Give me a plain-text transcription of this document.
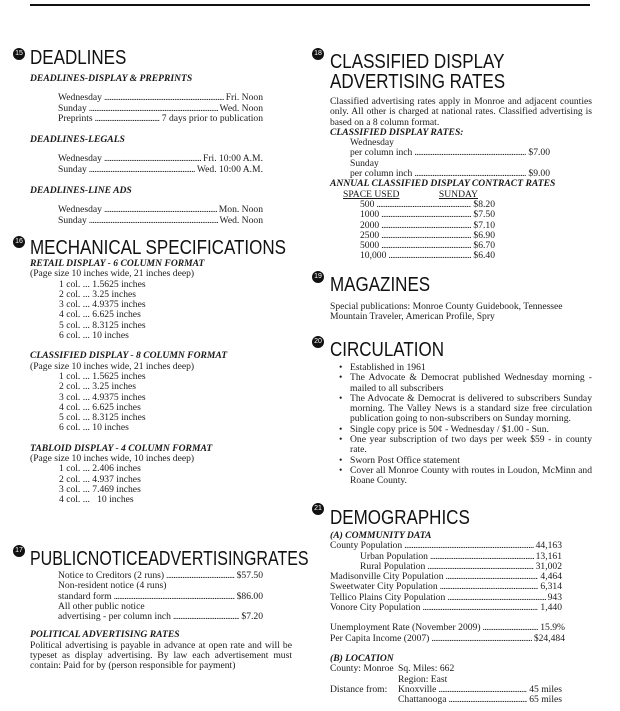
15 DEADLINES
DEADLINES-DISPLAY & PREPRINTS
Wednesday . . .	Fri. Noon
Sunday . . .	Wed. Noon
Preprints . . .	7 days prior to publication
DEADLINES-LEGALS
Wednesday . . .	Fri. 10:00 A.M.
Sunday . . .	Wed. 10:00 A.M.
DEADLINES-LINE ADS
Wednesday . . .	Mon. Noon
Sunday . . .	Wed. Noon
16 MECHANICAL SPECIFICATIONS
RETAIL DISPLAY - 6 COLUMN FORMAT
(Page size 10 inches wide, 21 inches deep)
1 col. ... 1.5625 inches
2 col. ... 3.25 inches
3 col. ... 4.9375 inches
4 col. ... 6.625 inches
5 col. ... 8.3125 inches
6 col. ... 10 inches
CLASSIFIED DISPLAY - 8 COLUMN FORMAT
(Page size 10 inches wide, 21 inches deep)
1 col. ... 1.5625 inches
2 col. ... 3.25 inches
3 col. ... 4.9375 inches
4 col. ... 6.625 inches
5 col. ... 8.3125 inches
6 col. ... 10 inches
TABLOID DISPLAY - 4 COLUMN FORMAT
(Page size 10 inches wide, 10 inches deep)
1 col. ... 2.406 inches
2 col. ... 4.937 inches
3 col. ... 7.469 inches
4 col. ...   10 inches
17 PUBLICNOTICEADVERTISINGRATES
Notice to Creditors (2 runs) . . .	$57.50
Non-resident notice (4 runs)
standard form . . .	$86.00
All other public notice
advertising - per column inch . . .	$7.20
POLITICAL ADVERTISING RATES
Political advertising is payable in advance at open rate and will be typeset as display advertising. By law each advertisement must contain: Paid for by (person responsible for payment)
18 CLASSIFIED DISPLAY
ADVERTISING RATES
Classified advertising rates apply in Monroe and adjacent counties only. All other is charged at national rates. Classified advertising is based on a 8 column format.
CLASSIFIED DISPLAY RATES:
Wednesday
per column inch . . .	$7.00
Sunday
per column inch . . .	$9.00
ANNUAL CLASSIFIED DISPLAY CONTRACT RATES
SPACE USED	SUNDAY
500 . . .	$8.20
1000 . . .	$7.50
2000 . . .	$7.10
2500 . . .	$6.90
5000 . . .	$6.70
10,000 . . .	$6.40
19 MAGAZINES
Special publications: Monroe County Guidebook, Tennessee Mountain Traveler, American Profile, Spry
20 CIRCULATION
• Established in 1961
• The Advocate & Democrat published Wednesday morning - mailed to all subscribers
• The Advocate & Democrat is delivered to subscribers Sunday morning. The Valley News is a standard size free circulation publication going to non-subscribers on Sunday morning.
• Single copy price is 50¢ - Wednesday / $1.00 - Sun.
• One year subscription of two days per week $59 - in county rate.
• Sworn Post Office statement
• Cover all Monroe County with routes in Loudon, McMinn and Roane County.
21 DEMOGRAPHICS
(A) COMMUNITY DATA
County Population . . .	44,163
Urban Population . . .	13,161
Rural Population . . .	31,002
Madisonville City Population . . .	4,464
Sweetwater City Population . . .	6,314
Tellico Plains City Population . . .	943
Vonore City Population . . .	1,440
Unemployment Rate (November 2009) . . .	15.9%
Per Capita Income (2007) . . .	$24,484
(B) LOCATION
County: Monroe Sq. Miles: 662
Region: East
Distance from:	Knoxville . . .	45 miles
Chattanooga . . .	65 miles
